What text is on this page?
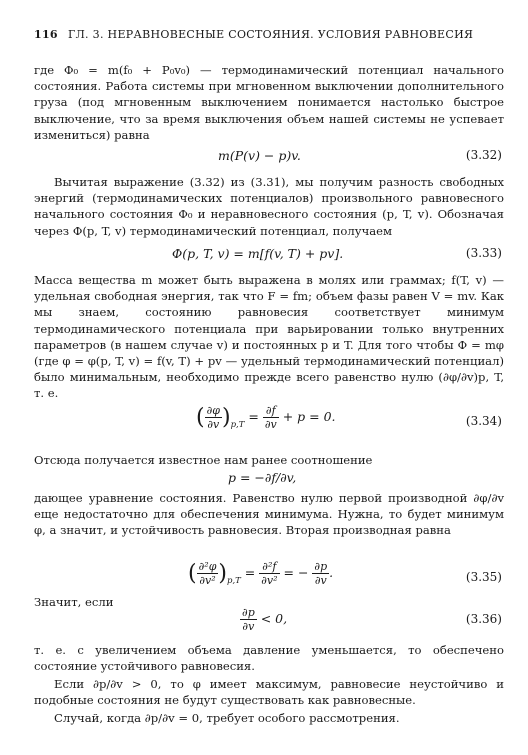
116 ГЛ. 3. НЕРАВНОВЕСНЫЕ СОСТОЯНИЯ. УСЛОВИЯ РАВНОВЕСИЯ
где Φ₀ = m(f₀ + P₀v₀) — термодинамический потенциал начального состояния. Работа системы при мгновенном выключении дополнительного груза (под мгновенным выключением понимается настолько быстрое выключение, что за время выключения объем нашей системы не успевает измениться) равна
m(P(v) − p)v.	(3.32)
Вычитая выражение (3.32) из (3.31), мы получим разность свободных энергий (термодинамических потенциалов) произвольного равновесного начального состояния Φ₀ и неравновесного состояния (p, T, v). Обозначая через Φ(p, T, v) термодинамический потенциал, получаем
Φ(p, T, v) = m[f(v, T) + pv].	(3.33)
Масса вещества m может быть выражена в молях или граммах; f(T, v) — удельная свободная энергия, так что F = fm; объем фазы равен V = mv. Как мы знаем, состоянию равновесия соответствует минимум термодинамического потенциала при варьировании только внутренних параметров (в нашем случае v) и постоянных p и T. Для того чтобы Φ = mφ (где φ = φ(p, T, v) = f(v, T) + pv — удельный термодинамический потенциал) было минимальным, необходимо прежде всего равенство нулю (∂φ/∂v)p, T, т. е.
( $\frac{\partial\varphi}{\partial v} )_{p,T} = \frac{\partial f}{\partial v} + p = 0$.	(3.34)
Отсюда получается известное нам ранее соотношение
p = −∂f/∂v,
дающее уравнение состояния. Равенство нулю первой производной ∂φ/∂v еще недостаточно для обеспечения минимума. Нужна, то будет минимум φ, а значит, и устойчивость равновесия. Вторая производная равна
( $\frac{\text{∂²φ}}{\text{∂v²}} )_{p,T} = \frac{\text{∂²f}}{\text{∂v²}}$ = − $\frac{\partial p}{\partial v}$ .	(3.35)
Значит, если
$\frac{\partial p}{\partial v} < 0$,	(3.36)
т. е. с увеличением объема давление уменьшается, то обеспечено состояние устойчивого равновесия.
Если ∂p/∂v > 0, то φ имеет максимум, равновесие неустойчиво и подобные состояния не будут существовать как равновесные.
Случай, когда ∂p/∂v = 0, требует особого рассмотрения.
